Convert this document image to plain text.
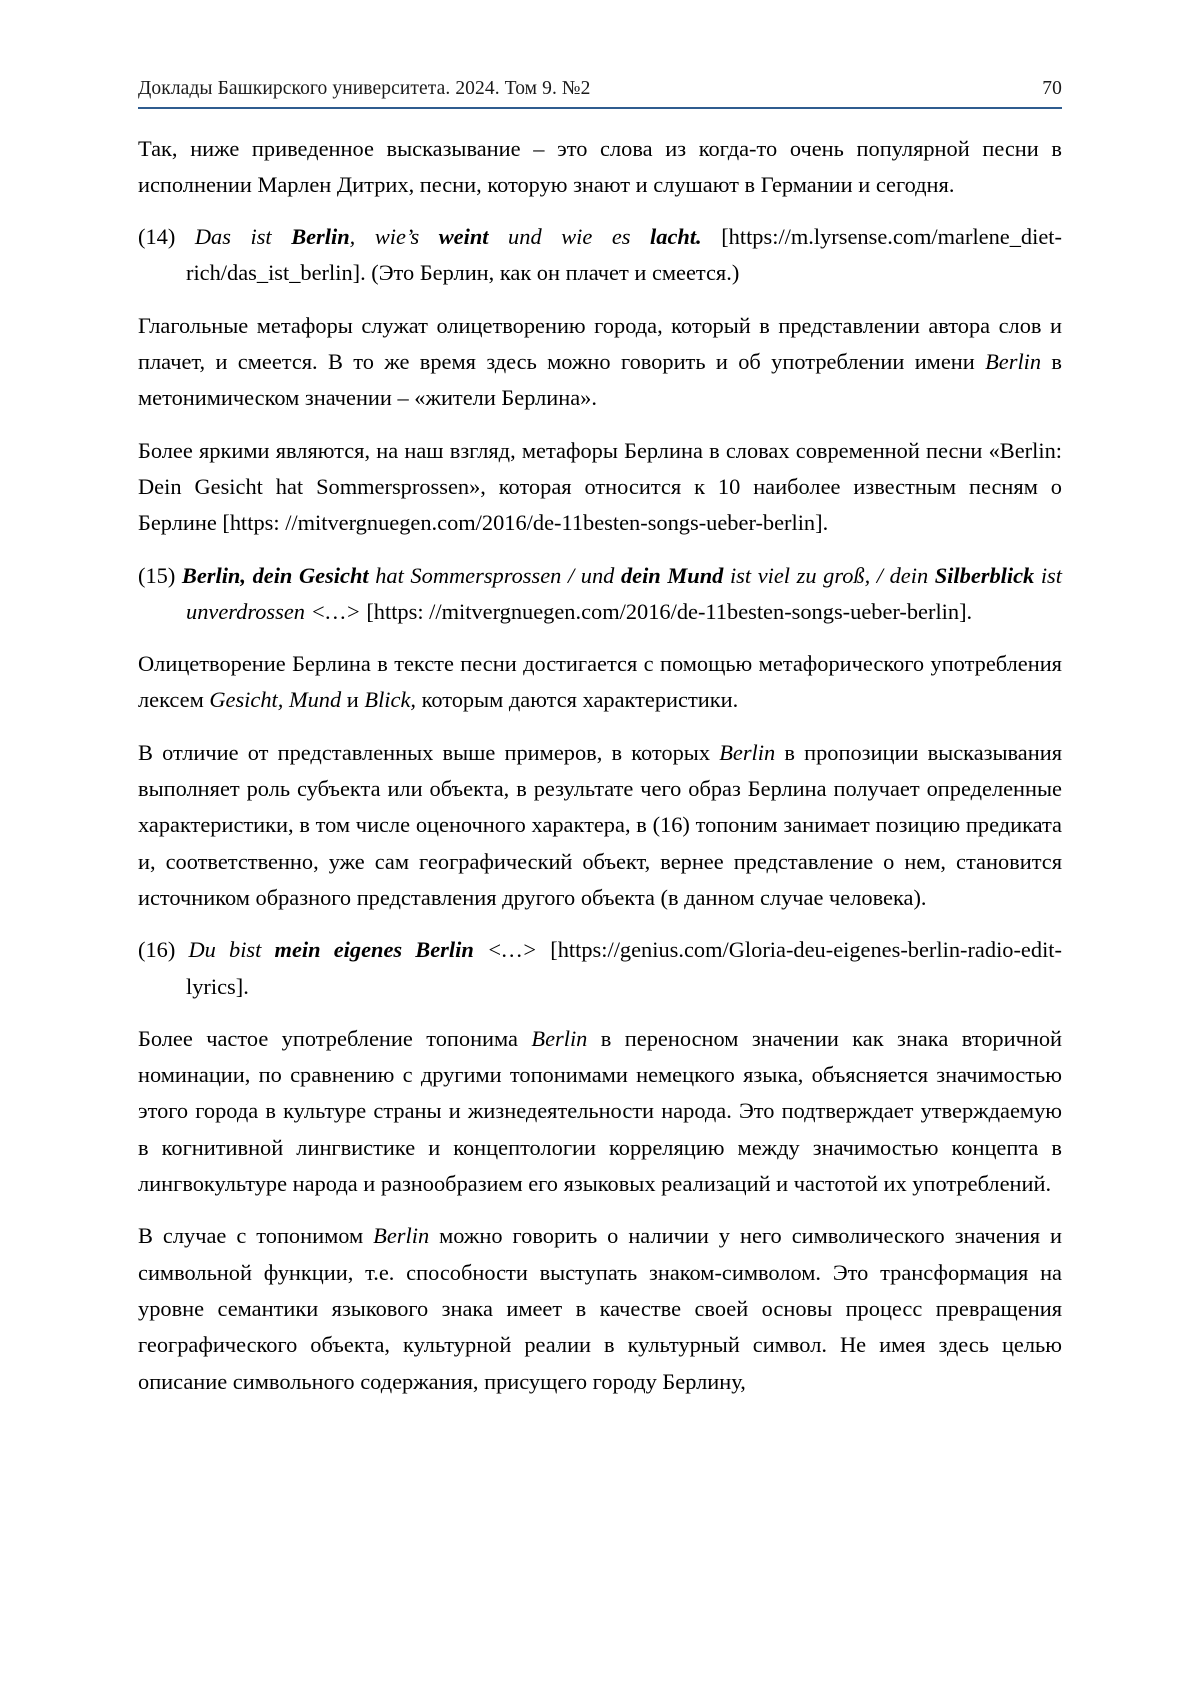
Доклады Башкирского университета. 2024. Том 9. №2	70

Так, ниже приведенное высказывание – это слова из когда-то очень популярной песни в исполнении Марлен Дитрих, песни, которую знают и слушают в Германии и сегодня.

(14) Das ist Berlin, wie’s weint und wie es lacht. [https://m.lyrsense.com/marlene_diet-rich/das_ist_berlin]. (Это Берлин, как он плачет и смеется.)

Глагольные метафоры служат олицетворению города, который в представлении автора слов и плачет, и смеется. В то же время здесь можно говорить и об употреблении имени Berlin в метонимическом значении – «жители Берлина».

Более яркими являются, на наш взгляд, метафоры Берлина в словах современной песни «Berlin: Dein Gesicht hat Sommersprossen», которая относится к 10 наиболее известным песням о Берлине [https: //mitvergnuegen.com/2016/de-11besten-songs-ueber-berlin].

(15) Berlin, dein Gesicht hat Sommersprossen / und dein Mund ist viel zu groß, / dein Silberblick ist unverdrossen <…> [https: //mitvergnuegen.com/2016/de-11besten-songs-ueber-berlin].

Олицетворение Берлина в тексте песни достигается с помощью метафорического употребления лексем Gesicht, Mund и Blick, которым даются характеристики.

В отличие от представленных выше примеров, в которых Berlin в пропозиции высказывания выполняет роль субъекта или объекта, в результате чего образ Берлина получает определенные характеристики, в том числе оценочного характера, в (16) топоним занимает позицию предиката и, соответственно, уже сам географический объект, вернее представление о нем, становится источником образного представления другого объекта (в данном случае человека).

(16) Du bist mein eigenes Berlin <…> [https://genius.com/Gloria-deu-eigenes-berlin-radio-edit-lyrics].

Более частое употребление топонима Berlin в переносном значении как знака вторичной номинации, по сравнению с другими топонимами немецкого языка, объясняется значимостью этого города в культуре страны и жизнедеятельности народа. Это подтверждает утверждаемую в когнитивной лингвистике и концептологии корреляцию между значимостью концепта в лингвокультуре народа и разнообразием его языковых реализаций и частотой их употреблений.

В случае с топонимом Berlin можно говорить о наличии у него символического значения и символьной функции, т.е. способности выступать знаком-символом. Это трансформация на уровне семантики языкового знака имеет в качестве своей основы процесс превращения географического объекта, культурной реалии в культурный символ. Не имея здесь целью описание символьного содержания, присущего городу Берлину,
